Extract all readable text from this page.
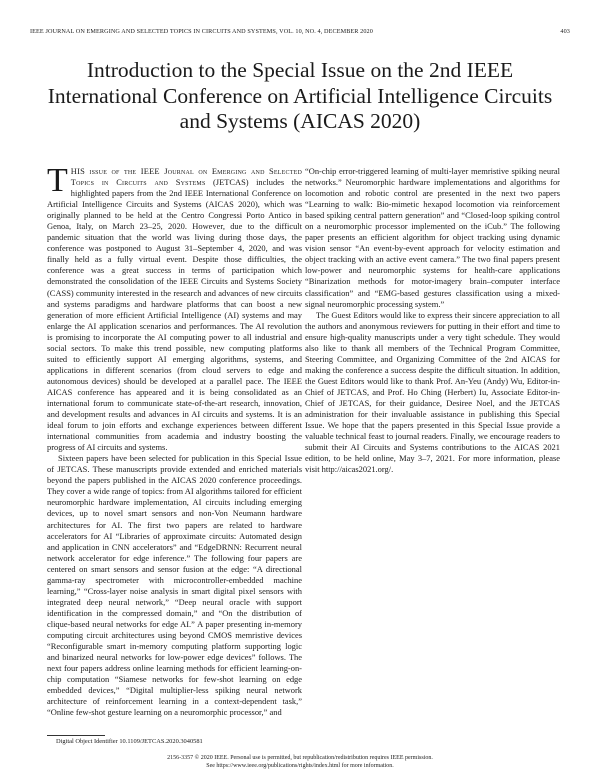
IEEE JOURNAL ON EMERGING AND SELECTED TOPICS IN CIRCUITS AND SYSTEMS, VOL. 10, NO. 4, DECEMBER 2020	403
Introduction to the Special Issue on the 2nd IEEE International Conference on Artificial Intelligence Circuits and Systems (AICAS 2020)

THIS issue of the IEEE Journal on Emerging and Selected Topics in Circuits and Systems (JETCAS) includes the highlighted papers from the 2nd IEEE International Conference on Artificial Intelligence Circuits and Systems (AICAS 2020), which was originally planned to be held at the Centro Congressi Porto Antico in Genoa, Italy, on March 23–25, 2020. However, due to the difficult pandemic situation that the world was living during those days, the conference was postponed to August 31–September 4, 2020, and was finally held as a fully virtual event. Despite those difficulties, the conference was a great success in terms of participation which demonstrated the consolidation of the IEEE Circuits and Systems Society (CASS) community interested in the research and advances of new circuits and systems paradigms and hardware platforms that can boost a new generation of more efficient Artificial Intelligence (AI) systems and may enlarge the AI application scenarios and performances. The AI revolution is promising to incorporate the AI computing power to all industrial and social sectors. To make this trend possible, new computing platforms suited to efficiently support AI emerging algorithms, systems, and applications in different scenarios (from cloud servers to edge and autonomous devices) should be developed at a parallel pace. The IEEE AICAS conference has appeared and it is being consolidated as an international forum to communicate state-of-the-art research, innovation, and development results and advances in AI circuits and systems. It is an ideal forum to join efforts and exchange experiences between different international communities from academia and industry boosting the progress of AI circuits and systems.

Sixteen papers have been selected for publication in this Special Issue of JETCAS. These manuscripts provide extended and enriched materials beyond the papers published in the AICAS 2020 conference proceedings. They cover a wide range of topics: from AI algorithms tailored for efficient neuromorphic hardware implementation, AI circuits including emerging devices, up to novel smart sensors and non-Von Neumann hardware architectures for AI. The first two papers are related to hardware accelerators for AI “Libraries of approximate circuits: Automated design and application in CNN accelerators” and “EdgeDRNN: Recurrent neural network accelerator for edge inference.” The following four papers are centered on smart sensors and sensor fusion at the edge: “A directional gamma-ray spectrometer with microcontroller-embedded machine learning,” “Cross-layer noise analysis in smart digital pixel sensors with integrated deep neural network,” “Deep neural oracle with support identification in the compressed domain,” and “On the distribution of clique-based neural networks for edge AI.” A paper presenting in-memory computing circuit architectures using beyond CMOS memristive devices “Reconfigurable smart in-memory computing platform supporting logic and binarized neural networks for low-power edge devices” follows. The next four papers address online learning methods for efficient learning-on-chip computation “Siamese networks for few-shot learning on edge embedded devices,” “Digital multiplier-less spiking neural network architecture of reinforcement learning in a context-dependent task,” “Online few-shot gesture learning on a neuromorphic processor,” and

“On-chip error-triggered learning of multi-layer memristive spiking neural networks.” Neuromorphic hardware implementations and algorithms for locomotion and robotic control are presented in the next two papers “Learning to walk: Bio-mimetic hexapod locomotion via reinforcement based spiking central pattern generation” and “Closed-loop spiking control on a neuromorphic processor implemented on the iCub.” The following paper presents an efficient algorithm for object tracking using dynamic vision sensor “An event-by-event approach for velocity estimation and object tracking with an active event camera.” The two final papers present low-power and neuromorphic systems for health-care applications “Binarization methods for motor-imagery brain–computer interface classification” and “EMG-based gestures classification using a mixed-signal neuromorphic processing system.”

The Guest Editors would like to express their sincere appreciation to all the authors and anonymous reviewers for putting in their effort and time to ensure high-quality manuscripts under a very tight schedule. They would also like to thank all members of the Technical Program Committee, Steering Committee, and Organizing Committee of the 2nd AICAS for making the conference a success despite the difficult situation. In addition, the Guest Editors would like to thank Prof. An-Yeu (Andy) Wu, Editor-in-Chief of JETCAS, and Prof. Ho Ching (Herbert) Iu, Associate Editor-in-Chief of JETCAS, for their guidance, Desiree Noel, and the JETCAS administration for their invaluable assistance in publishing this Special Issue. We hope that the papers presented in this Special Issue provide a valuable technical feast to journal readers. Finally, we encourage readers to submit their AI Circuits and Systems contributions to the AICAS 2021 edition, to be held online, May 3–7, 2021. For more information, please visit http://aicas2021.org/.

Digital Object Identifier 10.1109/JETCAS.2020.3040581
2156-3357 © 2020 IEEE. Personal use is permitted, but republication/redistribution requires IEEE permission.
See https://www.ieee.org/publications/rights/index.html for more information.
